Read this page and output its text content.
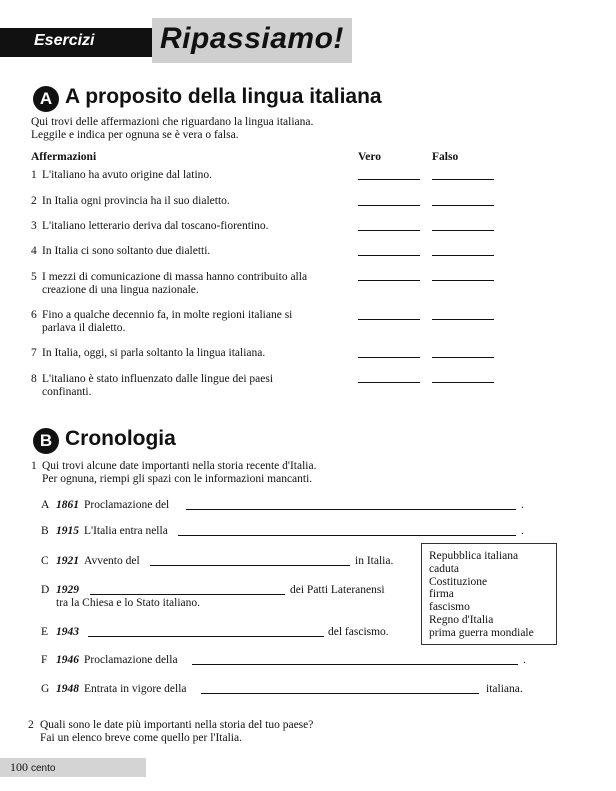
Esercizi Ripassiamo!
A A proposito della lingua italiana
Qui trovi delle affermazioni che riguardano la lingua italiana.
Leggile e indica per ognuna se è vera o falsa.
Affermazioni	Vero	Falso
1 L'italiano ha avuto origine dal latino.
2 In Italia ogni provincia ha il suo dialetto.
3 L'italiano letterario deriva dal toscano-fiorentino.
4 In Italia ci sono soltanto due dialetti.
5 I mezzi di comunicazione di massa hanno contribuito alla
creazione di una lingua nazionale.
6 Fino a qualche decennio fa, in molte regioni italiane si
parlava il dialetto.
7 In Italia, oggi, si parla soltanto la lingua italiana.
8 L'italiano è stato influenzato dalle lingue dei paesi
confinanti.
B Cronologia
1 Qui trovi alcune date importanti nella storia recente d'Italia.
Per ognuna, riempi gli spazi con le informazioni mancanti.
A 1861 Proclamazione del	.
B 1915 L'Italia entra nella	.
C 1921 Avvento del	in Italia.
D 1929	dei Patti Lateranensi
tra la Chiesa e lo Stato italiano.
E 1943	del fascismo.
F 1946 Proclamazione della	.
G 1948 Entrata in vigore della	italiana.
Repubblica italiana
caduta
Costituzione
firma
fascismo
Regno d'Italia
prima guerra mondiale
2 Quali sono le date più importanti nella storia del tuo paese?
Fai un elenco breve come quello per l'Italia.
100 cento
